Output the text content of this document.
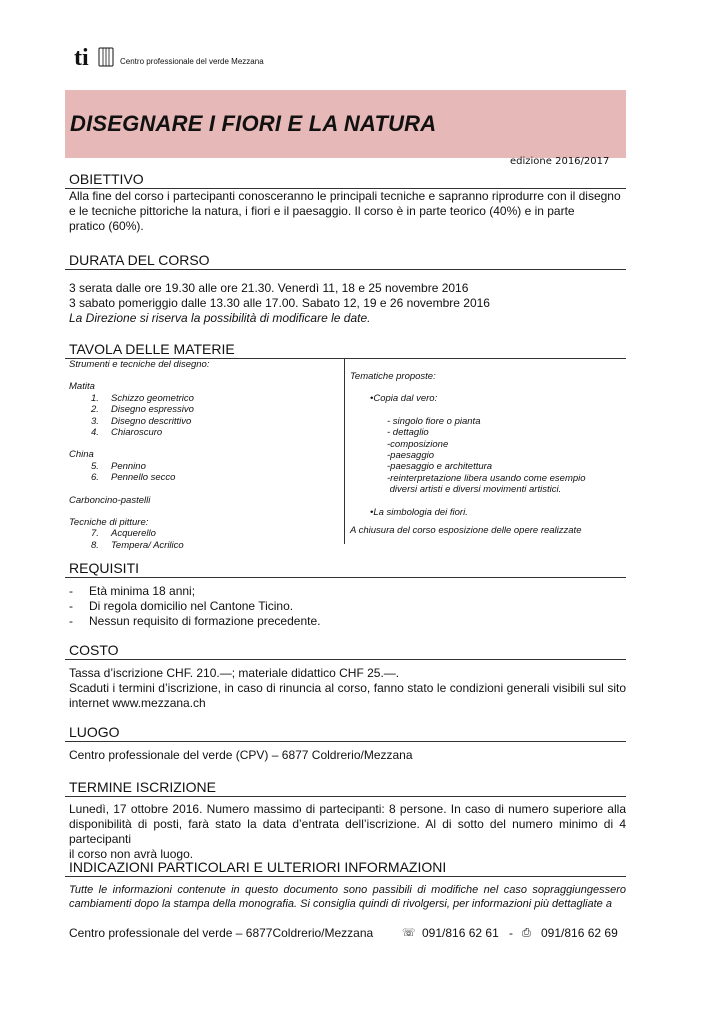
ti	Centro professionale del verde Mezzana
DISEGNARE I FIORI E LA NATURA
edizione 2016/2017
OBIETTIVO
Alla fine del corso i partecipanti conosceranno le principali tecniche e sapranno riprodurre con il disegno
e le tecniche pittoriche la natura, i fiori e il paesaggio. Il corso è in parte teorico (40%) e in parte
pratico (60%).
DURATA DEL CORSO
3 serata dalle ore 19.30 alle ore 21.30. Venerdì 11, 18 e 25 novembre 2016
3 sabato pomeriggio dalle 13.30 alle 17.00. Sabato 12, 19 e 26 novembre 2016
La Direzione si riserva la possibilità di modificare le date.
TAVOLA DELLE MATERIE
Strumenti e tecniche del disegno:
Matita
1. Schizzo geometrico
2. Disegno espressivo
3. Disegno descrittivo
4. Chiaroscuro
China
5. Pennino
6. Pennello secco
Carboncino-pastelli
Tecniche di pitture:
7. Acquerello
8. Tempera/ Acrilico
Tematiche proposte:
•Copia dal vero:
- singolo fiore o pianta
- dettaglio
-composizione
-paesaggio
-paesaggio e architettura
-reinterpretazione libera usando come esempio
diversi artisti e diversi movimenti artistici.
•La simbologia dei fiori.
A chiusura del corso esposizione delle opere realizzate
REQUISITI
- Età minima 18 anni;
- Di regola domicilio nel Cantone Ticino.
- Nessun requisito di formazione precedente.
COSTO
Tassa d’iscrizione CHF. 210.—; materiale didattico CHF 25.—.
Scaduti i termini d’iscrizione, in caso di rinuncia al corso, fanno stato le condizioni generali visibili sul sito
internet www.mezzana.ch
LUOGO
Centro professionale del verde (CPV) – 6877 Coldrerio/Mezzana
TERMINE ISCRIZIONE
Lunedì, 17 ottobre 2016. Numero massimo di partecipanti: 8 persone. In caso di numero superiore alla
disponibilità di posti, farà stato la data d’entrata dell’iscrizione. Al di sotto del numero minimo di 4 partecipanti
il corso non avrà luogo.
INDICAZIONI PARTICOLARI E ULTERIORI INFORMAZIONI
Tutte le informazioni contenute in questo documento sono passibili di modifiche nel caso sopraggiungessero
cambiamenti dopo la stampa della monografia. Si consiglia quindi di rivolgersi, per informazioni più dettagliate a
Centro professionale del verde – 6877Coldrerio/Mezzana	☏ 091/816 62 61 - ⎙ 091/816 62 69
